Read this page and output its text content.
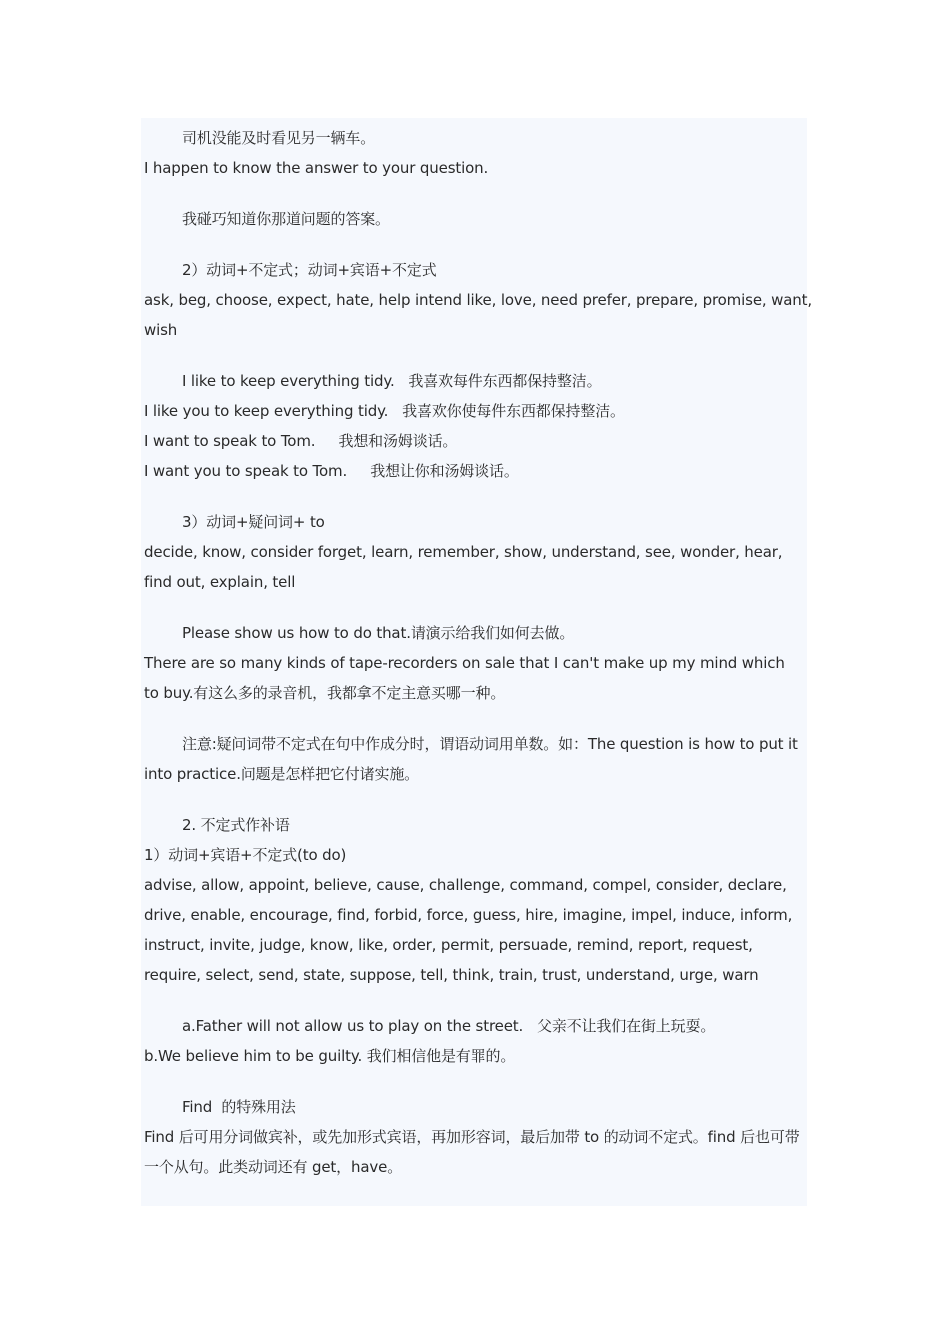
司机没能及时看见另一辆车。

I happen to know the answer to your question.

我碰巧知道你那道问题的答案。

2）动词+不定式；动词+宾语+不定式

ask, beg, choose, expect, hate, help intend like, love, need prefer, prepare, promise, want, wish

I like to keep everything tidy.   我喜欢每件东西都保持整洁。

I like you to keep everything tidy.   我喜欢你使每件东西都保持整洁。

I want to speak to Tom.     我想和汤姆谈话。

I want you to speak to Tom.     我想让你和汤姆谈话。

3）动词+疑问词+ to

decide, know, consider forget, learn, remember, show, understand, see, wonder, hear, find out, explain, tell

Please show us how to do that.请演示给我们如何去做。

There are so many kinds of tape-recorders on sale that I can't make up my mind which to buy.有这么多的录音机，我都拿不定主意买哪一种。

注意:疑问词带不定式在句中作成分时，谓语动词用单数。如：The question is how to put it into practice.问题是怎样把它付诸实施。

2. 不定式作补语

1）动词+宾语+不定式(to do)

advise, allow, appoint, believe, cause, challenge, command, compel, consider, declare, drive, enable, encourage, find, forbid, force, guess, hire, imagine, impel, induce, inform, instruct, invite, judge, know, like, order, permit, persuade, remind, report, request, require, select, send, state, suppose, tell, think, train, trust, understand, urge, warn

a.Father will not allow us to play on the street.   父亲不让我们在街上玩耍。

b.We believe him to be guilty. 我们相信他是有罪的。

Find  的特殊用法

Find 后可用分词做宾补，或先加形式宾语，再加形容词，最后加带 to 的动词不定式。find 后也可带一个从句。此类动词还有 get，have。
